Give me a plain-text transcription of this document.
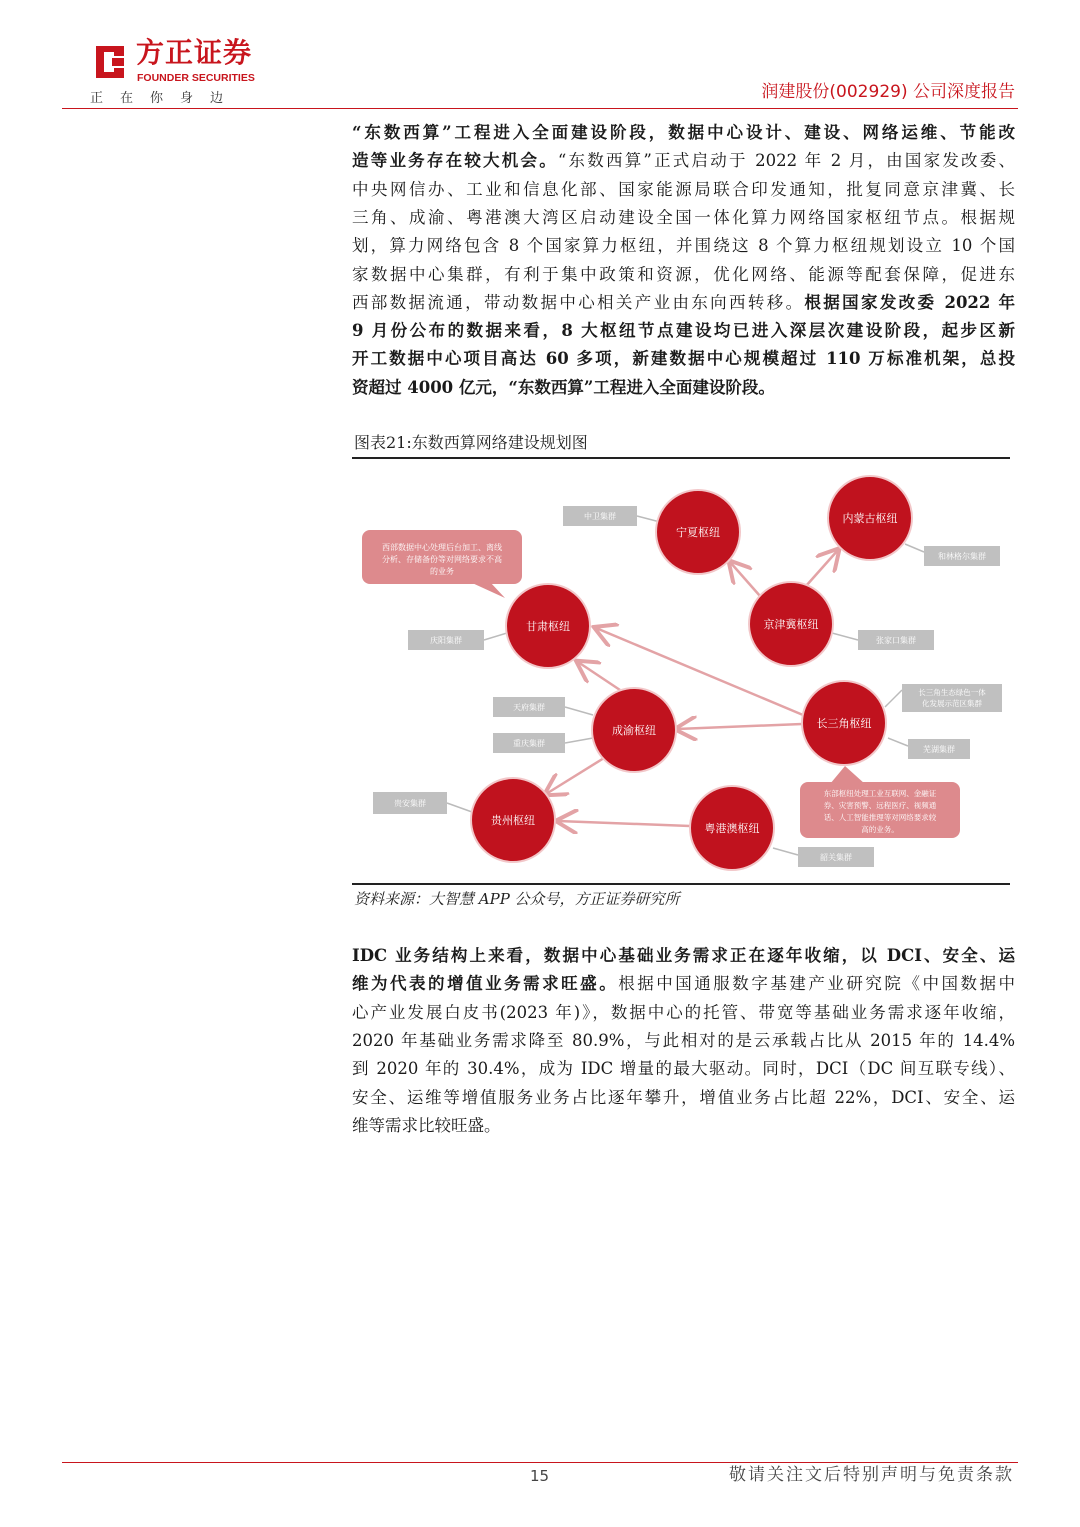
方正证券
FOUNDER SECURITIES
正在你身边	润建股份(002929) 公司深度报告
“东数西算”工程进入全面建设阶段，数据中心设计、建设、网络运维、节能改
造等业务存在较大机会。“东数西算”正式启动于 2022 年 2 月，由国家发改委、
中央网信办、工业和信息化部、国家能源局联合印发通知，批复同意京津冀、长
三角、成渝、粤港澳大湾区启动建设全国一体化算力网络国家枢纽节点。根据规
划，算力网络包含 8 个国家算力枢纽，并围绕这 8 个算力枢纽规划设立 10 个国
家数据中心集群，有利于集中政策和资源，优化网络、能源等配套保障，促进东
西部数据流通，带动数据中心相关产业由东向西转移。根据国家发改委 2022 年
9 月份公布的数据来看，8 大枢纽节点建设均已进入深层次建设阶段，起步区新
开工数据中心项目高达 60 多项，新建数据中心规模超过 110 万标准机架，总投
资超过 4000 亿元，“东数西算”工程进入全面建设阶段。
图表21:东数西算网络建设规划图
西部数据中心处理后台加工、离线
分析、存储备份等对网络要求不高
的业务
东部枢纽处理工业互联网、金融证
券、灾害预警、远程医疗、视频通
话、人工智能推理等对网络要求较
高的业务。
中卫集群
和林格尔集群
张家口集群
庆阳集群
天府集群
重庆集群
贵安集群
长三角生态绿色一体
化发展示范区集群
芜湖集群
韶关集群
宁夏枢纽
内蒙古枢纽
京津冀枢纽
甘肃枢纽
成渝枢纽
长三角枢纽
贵州枢纽
粤港澳枢纽
资料来源：大智慧 APP 公众号，方正证券研究所
IDC 业务结构上来看，数据中心基础业务需求正在逐年收缩，以 DCI、安全、运
维为代表的增值业务需求旺盛。根据中国通服数字基建产业研究院《中国数据中
心产业发展白皮书(2023 年)》，数据中心的托管、带宽等基础业务需求逐年收缩，
2020 年基础业务需求降至 80.9%，与此相对的是云承载占比从 2015 年的 14.4%
到 2020 年的 30.4%，成为 IDC 增量的最大驱动。同时，DCI（DC 间互联专线）、
安全、运维等增值服务业务占比逐年攀升，增值业务占比超 22%，DCI、安全、运
维等需求比较旺盛。
15	敬请关注文后特别声明与免责条款
